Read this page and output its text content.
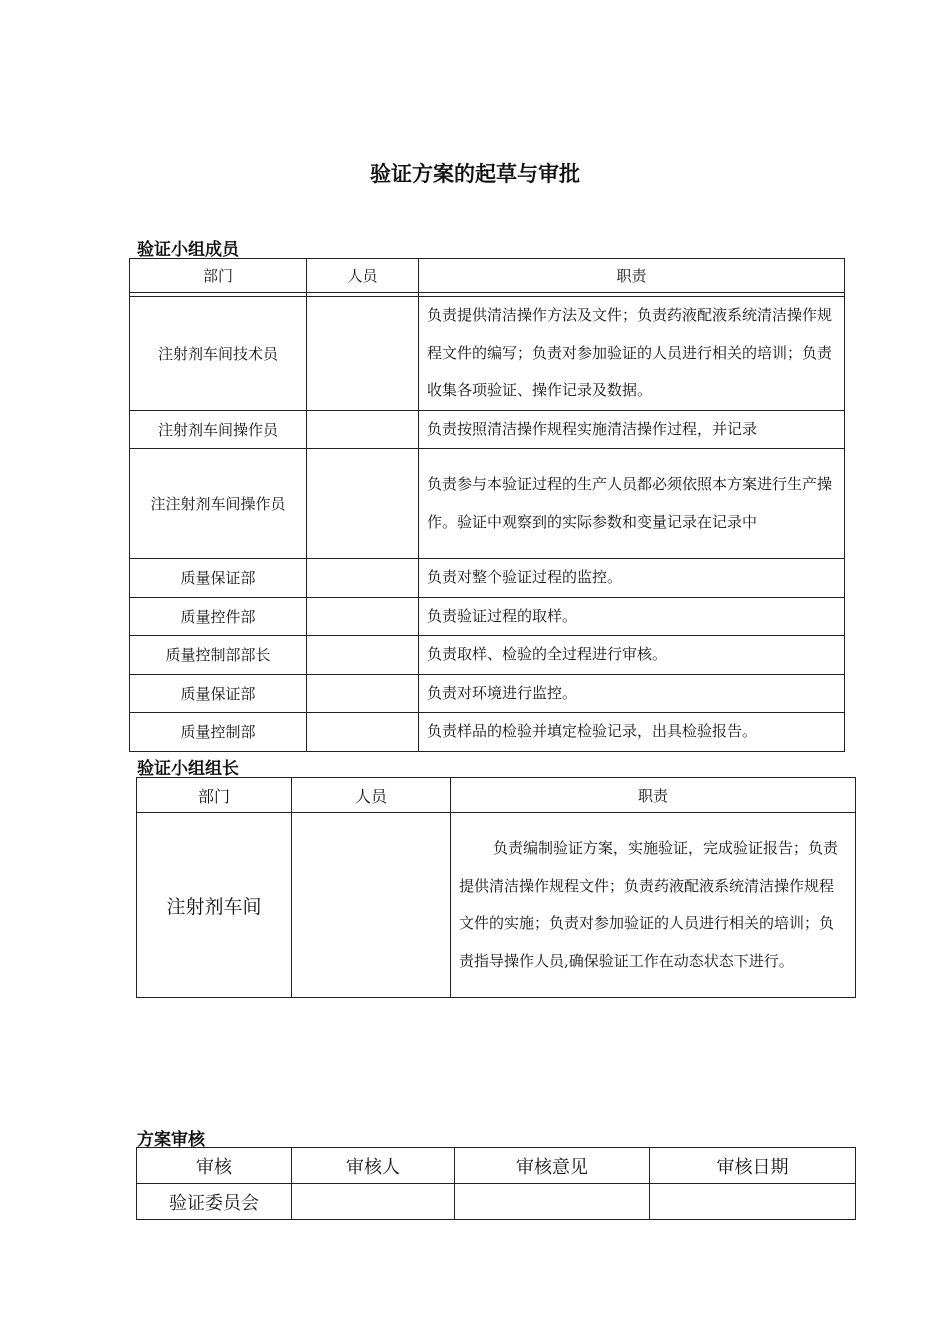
验证方案的起草与审批
验证小组成员
部门	人员	职责

注射剂车间技术员		负责提供清洁操作方法及文件；负责药液配液系统清洁操作规程文件的编写；负责对参加验证的人员进行相关的培训；负责收集各项验证、操作记录及数据。
注射剂车间操作员		负责按照清洁操作规程实施清洁操作过程，并记录
注注射剂车间操作员		负责参与本验证过程的生产人员都必须依照本方案进行生产操作。验证中观察到的实际参数和变量记录在记录中
质量保证部		负责对整个验证过程的监控。
质量控件部		负责验证过程的取样。
质量控制部部长		负责取样、检验的全过程进行审核。
质量保证部		负责对环境进行监控。
质量控制部		负责样品的检验并填定检验记录，出具检验报告。
验证小组组长
部门	人员	职责
注射剂车间		负责编制验证方案，实施验证，完成验证报告；负责提供清洁操作规程文件；负责药液配液系统清洁操作规程文件的实施；负责对参加验证的人员进行相关的培训；负责指导操作人员,确保验证工作在动态状态下进行。
方案审核
审核	审核人	审核意见	审核日期
验证委员会			
